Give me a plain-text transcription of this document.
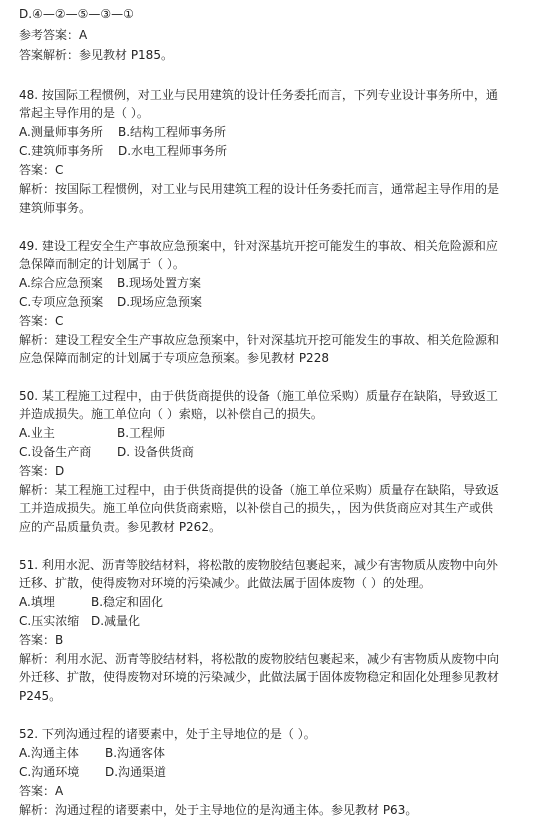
D.④—②—⑤—③—①
参考答案：A
答案解析：参见教材 P185。
48. 按国际工程惯例，对工业与民用建筑的设计任务委托而言，下列专业设计事务所中，通
常起主导作用的是（ ）。
A.测量师事务所 B.结构工程师事务所
C.建筑师事务所 D.水电工程师事务所
答案：C
解析：按国际工程惯例，对工业与民用建筑工程的设计任务委托而言，通常起主导作用的是
建筑师事务。
49. 建设工程安全生产事故应急预案中，针对深基坑开挖可能发生的事故、相关危险源和应
急保障而制定的计划属于（ ）。
A.综合应急预案 B.现场处置方案
C.专项应急预案 D.现场应急预案
答案：C
解析：建设工程安全生产事故应急预案中，针对深基坑开挖可能发生的事故、相关危险源和
应急保障而制定的计划属于专项应急预案。参见教材 P228
50. 某工程施工过程中，由于供货商提供的设备（施工单位采购）质量存在缺陷，导致返工
并造成损失。施工单位向（ ）索赔，以补偿自己的损失。
A.业主	B.工程师
C.设备生产商 D. 设备供货商
答案：D
解析：某工程施工过程中，由于供货商提供的设备（施工单位采购）质量存在缺陷，导致返
工并造成损失。施工单位向供货商索赔，以补偿自己的损失，，因为供货商应对其生产或供
应的产品质量负责。参见教材 P262。
51. 利用水泥、沥青等胶结材料，将松散的废物胶结包裹起来，减少有害物质从废物中向外
迁移、扩散，使得废物对环境的污染减少。此做法属于固体废物（ ）的处理。
A.填埋	B.稳定和固化
C.压实浓缩 D.减量化
答案：B
解析：利用水泥、沥青等胶结材料，将松散的废物胶结包裹起来，减少有害物质从废物中向
外迁移、扩散，使得废物对环境的污染减少，此做法属于固体废物稳定和固化处理参见教材
P245。
52. 下列沟通过程的诸要素中，处于主导地位的是（ ）。
A.沟通主体 B.沟通客体
C.沟通环境 D.沟通渠道
答案：A
解析：沟通过程的诸要素中，处于主导地位的是沟通主体。参见教材 P63。
